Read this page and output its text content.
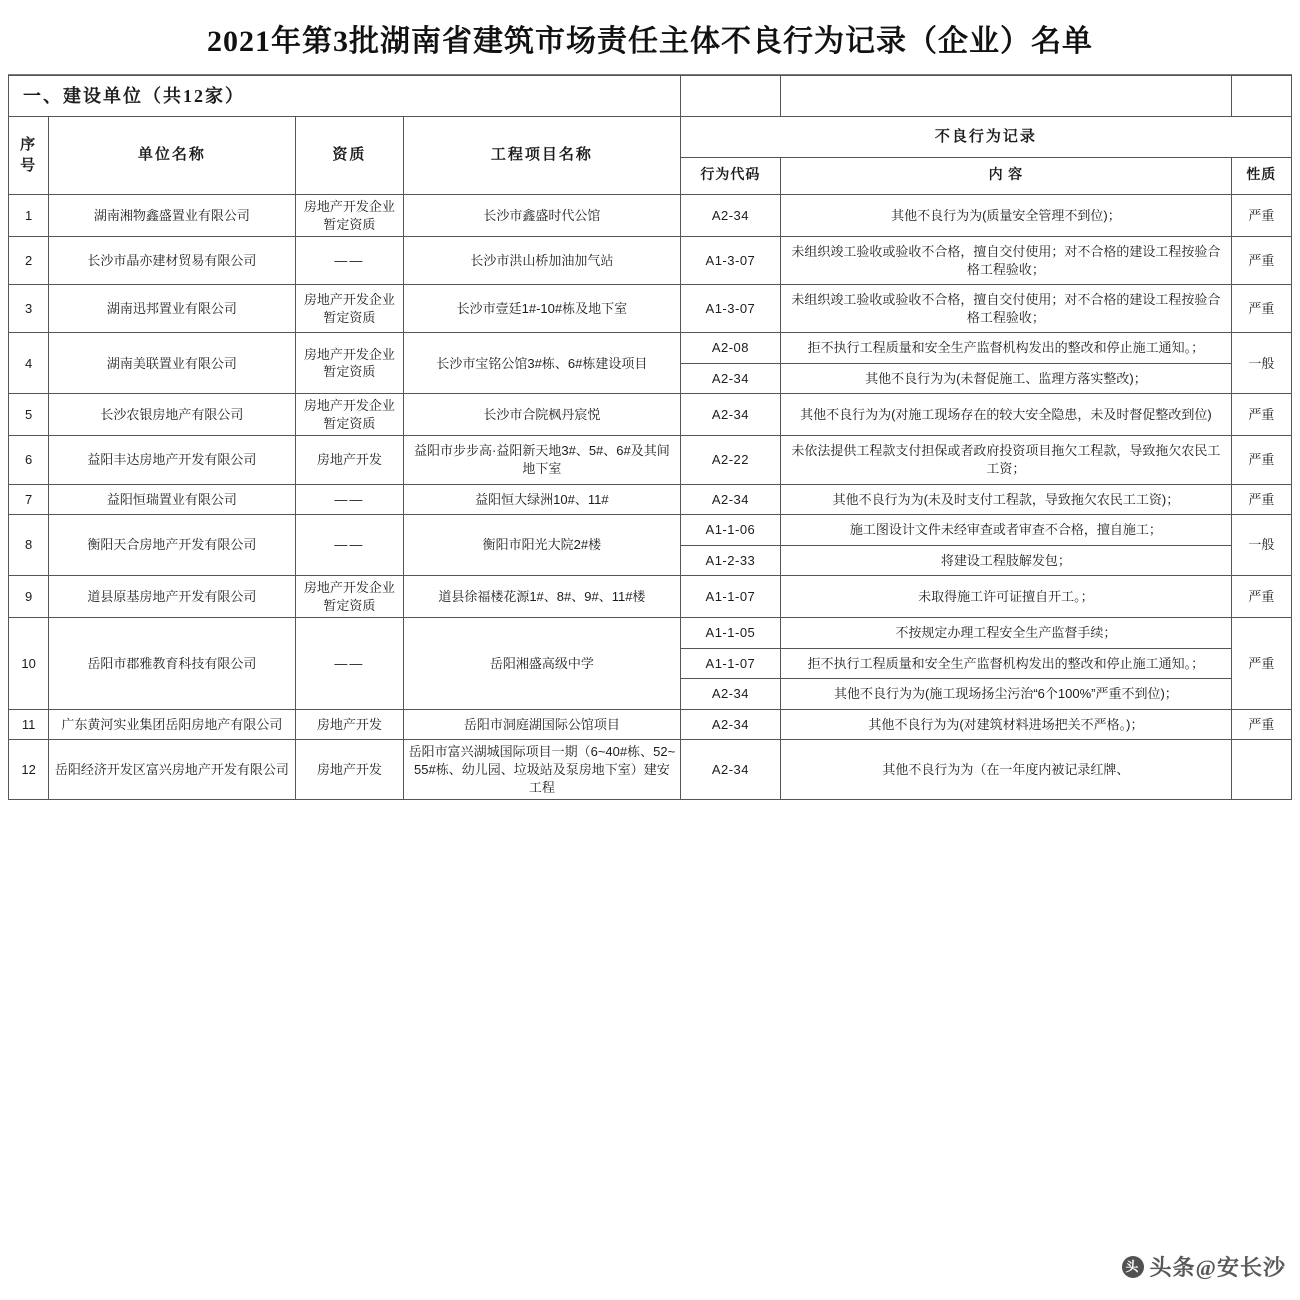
2021年第3批湖南省建筑市场责任主体不良行为记录（企业）名单
一、建设单位（共12家）						
序号	单位名称	资质	工程项目名称	不良行为记录		
				行为代码	内 容	性质
1	湖南湘物鑫盛置业有限公司	房地产开发企业暂定资质	长沙市鑫盛时代公馆	A2-34	其他不良行为为(质量安全管理不到位)；	严重
2	长沙市晶亦建材贸易有限公司	——	长沙市洪山桥加油加气站	A1-3-07	未组织竣工验收或验收不合格，擅自交付使用；对不合格的建设工程按验合格工程验收；	严重
3	湖南迅邦置业有限公司	房地产开发企业暂定资质	长沙市壹廷1#-10#栋及地下室	A1-3-07	未组织竣工验收或验收不合格，擅自交付使用；对不合格的建设工程按验合格工程验收；	严重
4	湖南美联置业有限公司	房地产开发企业暂定资质	长沙市宝铭公馆3#栋、6#栋建设项目	A2-08	拒不执行工程质量和安全生产监督机构发出的整改和停止施工通知。；	一般
				A2-34	其他不良行为为(未督促施工、监理方落实整改)；	
5	长沙农银房地产有限公司	房地产开发企业暂定资质	长沙市合院枫丹宸悦	A2-34	其他不良行为为(对施工现场存在的较大安全隐患，未及时督促整改到位)	严重
6	益阳丰达房地产开发有限公司	房地产开发	益阳市步步高·益阳新天地3#、5#、6#及其间地下室	A2-22	未依法提供工程款支付担保或者政府投资项目拖欠工程款，导致拖欠农民工工资；	严重
7	益阳恒瑞置业有限公司	——	益阳恒大绿洲10#、11#	A2-34	其他不良行为为(未及时支付工程款，导致拖欠农民工工资)；	严重
8	衡阳天合房地产开发有限公司	——	衡阳市阳光大院2#楼	A1-1-06	施工图设计文件未经审查或者审查不合格，擅自施工；	一般
				A1-2-33	将建设工程肢解发包；	
9	道县原基房地产开发有限公司	房地产开发企业暂定资质	道县徐福楼花源1#、8#、9#、11#楼	A1-1-07	未取得施工许可证擅自开工。；	严重
10	岳阳市郡雅教育科技有限公司	——	岳阳湘盛高级中学	A1-1-05	不按规定办理工程安全生产监督手续；	严重
				A1-1-07	拒不执行工程质量和安全生产监督机构发出的整改和停止施工通知。；	
				A2-34	其他不良行为为(施工现场扬尘污治“6个100%”严重不到位)；	
11	广东黄河实业集团岳阳房地产有限公司	房地产开发	岳阳市洞庭湖国际公馆项目	A2-34	其他不良行为为(对建筑材料进场把关不严格。)；	严重
12	岳阳经济开发区富兴房地产开发有限公司	房地产开发	岳阳市富兴湖城国际项目一期（6~40#栋、52~55#栋、幼儿园、垃圾站及泵房地下室）建安工程	A2-34	其他不良行为为（在一年度内被记录红牌、	
头 头条@安长沙
